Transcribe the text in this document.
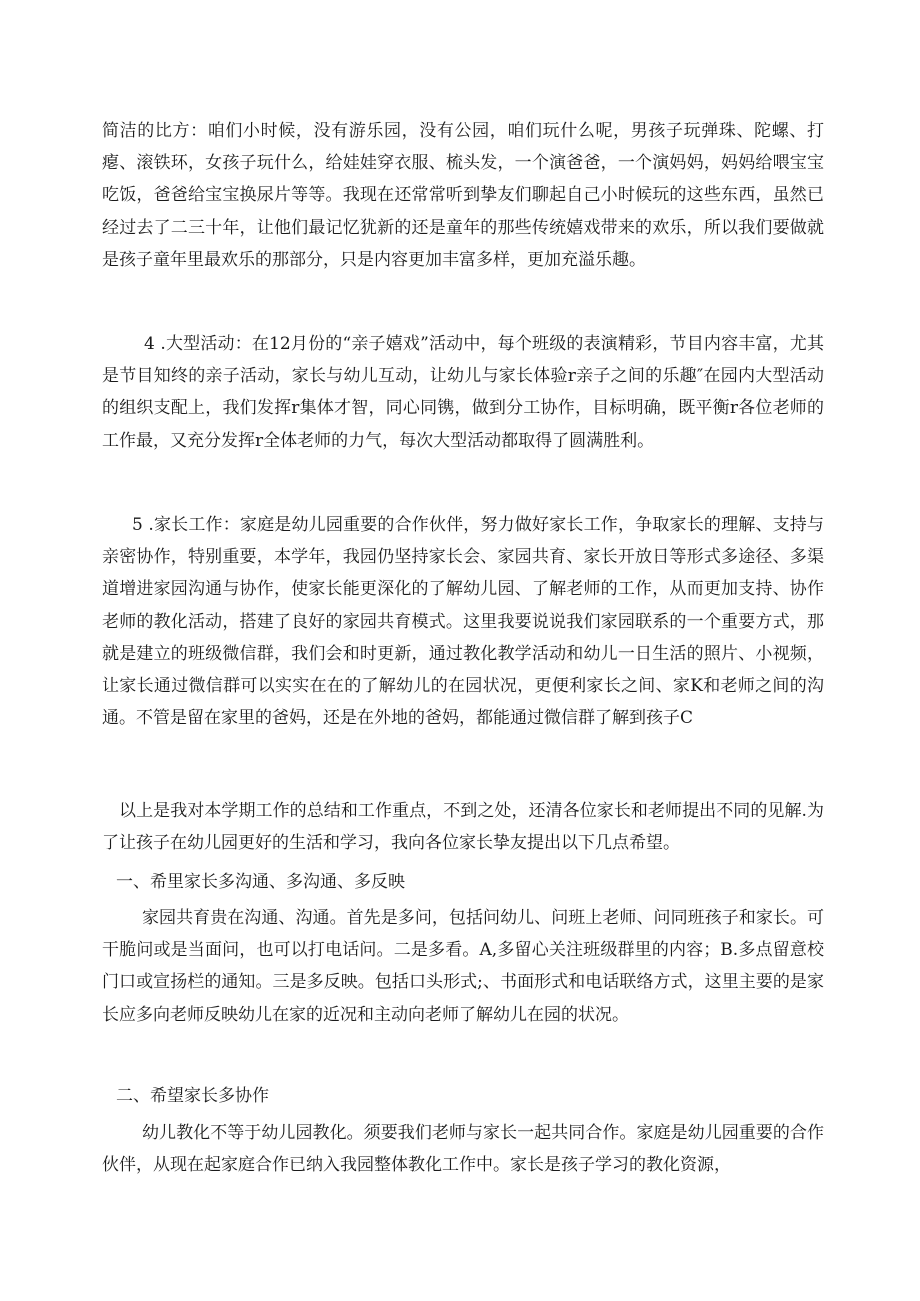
简洁的比方：咱们小时候，没有游乐园，没有公园，咱们玩什么呢，男孩子玩弹珠、陀螺、打瘪、滚铁环，女孩子玩什么，给娃娃穿衣服、梳头发，一个演爸爸，一个演妈妈，妈妈给喂宝宝吃饭，爸爸给宝宝换尿片等等。我现在还常常听到挚友们聊起自己小时候玩的这些东西，虽然已经过去了二三十年，让他们最记忆犹新的还是童年的那些传统嬉戏带来的欢乐，所以我们要做就是孩子童年里最欢乐的那部分，只是内容更加丰富多样，更加充溢乐趣。

4 .大型活动：在12月份的“亲子嬉戏”活动中，每个班级的表演精彩，节目内容丰富，尤其是节目知终的亲子活动，家长与幼儿互动，让幼儿与家长体验r亲子之间的乐趣″在园内大型活动的组织支配上，我们发挥r集体才智，同心同镌，做到分工协作，目标明确，既平衡r各位老师的工作最，又充分发挥r全体老师的力气，每次大型活动都取得了圆满胜利。

5 .家长工作：家庭是幼儿园重要的合作伙伴，努力做好家长工作，争取家长的理解、支持与亲密协作，特别重要，本学年，我园仍坚持家长会、家园共育、家长开放日等形式多途径、多渠道增进家园沟通与协作，使家长能更深化的了解幼儿园、了解老师的工作，从而更加支持、协作老师的教化活动，搭建了良好的家园共育模式。这里我要说说我们家园联系的一个重要方式，那就是建立的班级微信群，我们会和时更新，通过教化教学活动和幼儿一日生活的照片、小视频，让家长通过微信群可以实实在在的了解幼儿的在园状况，更便利家长之间、家K和老师之间的沟通。不管是留在家里的爸妈，还是在外地的爸妈，都能通过微信群了解到孩子C

以上是我对本学期工作的总结和工作重点，不到之处，还清各位家长和老师提出不同的见解.为了让孩子在幼儿园更好的生活和学习，我向各位家长挚友提出以下几点希望。

一、希里家长多沟通、多沟通、多反映

家园共育贵在沟通、沟通。首先是多问，包括问幼儿、问班上老师、问同班孩子和家长。可干脆问或是当面问，也可以打电话问。二是多看。A,多留心关注班级群里的内容；B.多点留意校门口或宣扬栏的通知。三是多反映。包括口头形式;、书面形式和电话联络方式，这里主要的是家长应多向老师反映幼儿在家的近况和主动向老师了解幼儿在园的状况。

二、希望家长多协作

幼儿教化不等于幼儿园教化。须要我们老师与家长一起共同合作。家庭是幼儿园重要的合作伙伴，从现在起家庭合作已纳入我园整体教化工作中。家长是孩子学习的教化资源，
